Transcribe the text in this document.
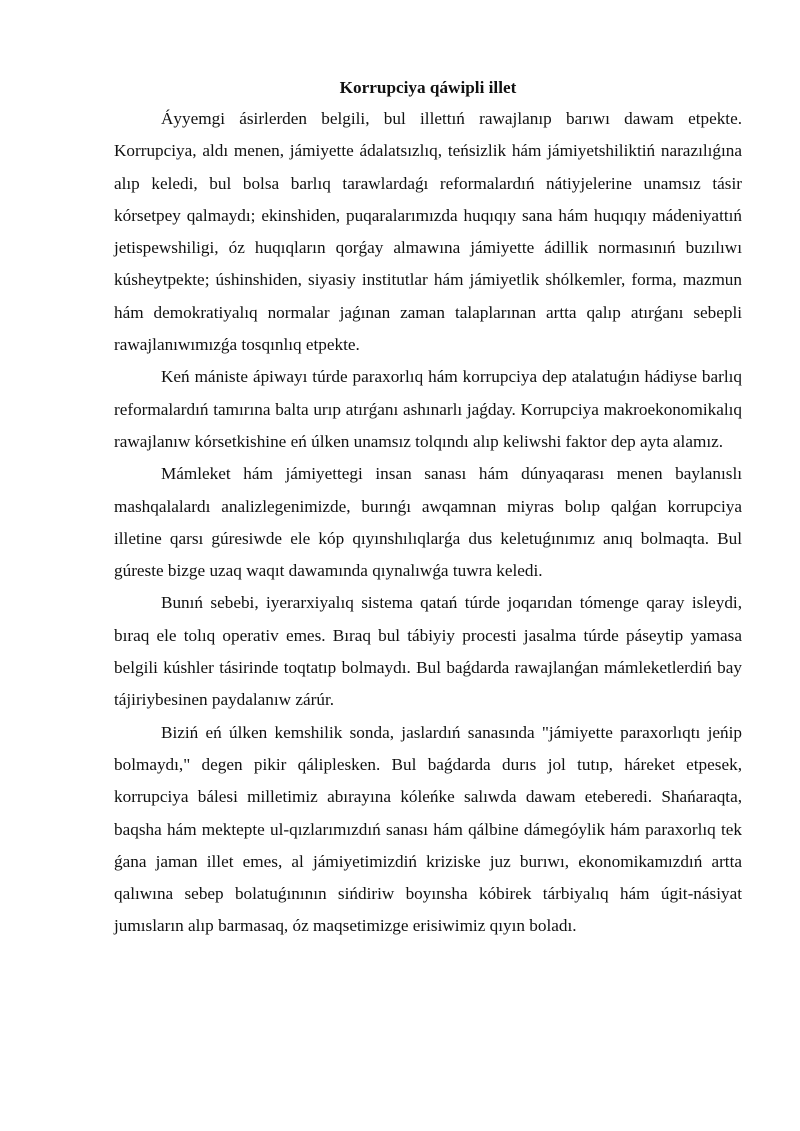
Korrupciya qáwipli illet

Áyyemgi ásirlerden belgili, bul illettıń rawajlanıp barıwı dawam etpekte. Korrupciya, aldı menen, jámiyette ádalatsızlıq, teńsizlik hám jámiyetshiliktiń narazılıǵına alıp keledi, bul bolsa barlıq tarawlardaǵı reformalardıń nátiyjelerine unamsız tásir kórsetpey qalmaydı; ekinshiden, puqaralarımızda huqıqıy sana hám huqıqıy mádeniyattıń jetispewshiligi, óz huqıqların qorǵay almawına jámiyette ádillik normasınıń buzılıwı kúsheytpekte; úshinshiden, siyasiy institutlar hám jámiyetlik shólkemler, forma, mazmun hám demokratiyalıq normalar jaǵınan zaman talaplarınan artta qalıp atırǵanı sebepli rawajlanıwımızǵa tosqınlıq etpekte.

Keń mániste ápiwayı túrde paraxorlıq hám korrupciya dep atalatuǵın hádiyse barlıq reformalardıń tamırına balta urıp atırǵanı ashınarlı jaǵday. Korrupciya makroekonomikalıq rawajlanıw kórsetkishine eń úlken unamsız tolqındı alıp keliwshi faktor dep ayta alamız.

Mámleket hám jámiyettegi insan sanası hám dúnyaqarası menen baylanıslı mashqalalardı analizlegenimizde, burınǵı awqamnan miyras bolıp qalǵan korrupciya illetine qarsı gúresiwde ele kóp qıyınshılıqlarǵa dus keletuǵınımız anıq bolmaqta. Bul gúreste bizge uzaq waqıt dawamında qıynalıwǵa tuwra keledi.

Bunıń sebebi, iyerarxiyalıq sistema qatań túrde joqarıdan tómenge qaray isleydi, bıraq ele tolıq operativ emes. Bıraq bul tábiyiy procesti jasalma túrde páseytip yamasa belgili kúshler tásirinde toqtatıp bolmaydı. Bul baǵdarda rawajlanǵan mámleketlerdiń bay tájiriybesinen paydalanıw zárúr.

Biziń eń úlken kemshilik sonda, jaslardıń sanasında "jámiyette paraxorlıqtı jeńip bolmaydı," degen pikir qáliplesken. Bul baǵdarda durıs jol tutıp, háreket etpesek, korrupciya bálesi milletimiz abırayına kóleńke salıwda dawam eteberedi. Shańaraqta, baqsha hám mektepte ul-qızlarımızdıń sanası hám qálbine dámegóylik hám paraxorlıq tek ǵana jaman illet emes, al jámiyetimizdiń kriziske juz burıwı, ekonomikamızdıń artta qalıwına sebep bolatuǵınının sińdiriw boyınsha kóbirek tárbiyalıq hám úgit-násiyat jumısların alıp barmasaq, óz maqsetimizge erisiwimiz qıyın boladı.
